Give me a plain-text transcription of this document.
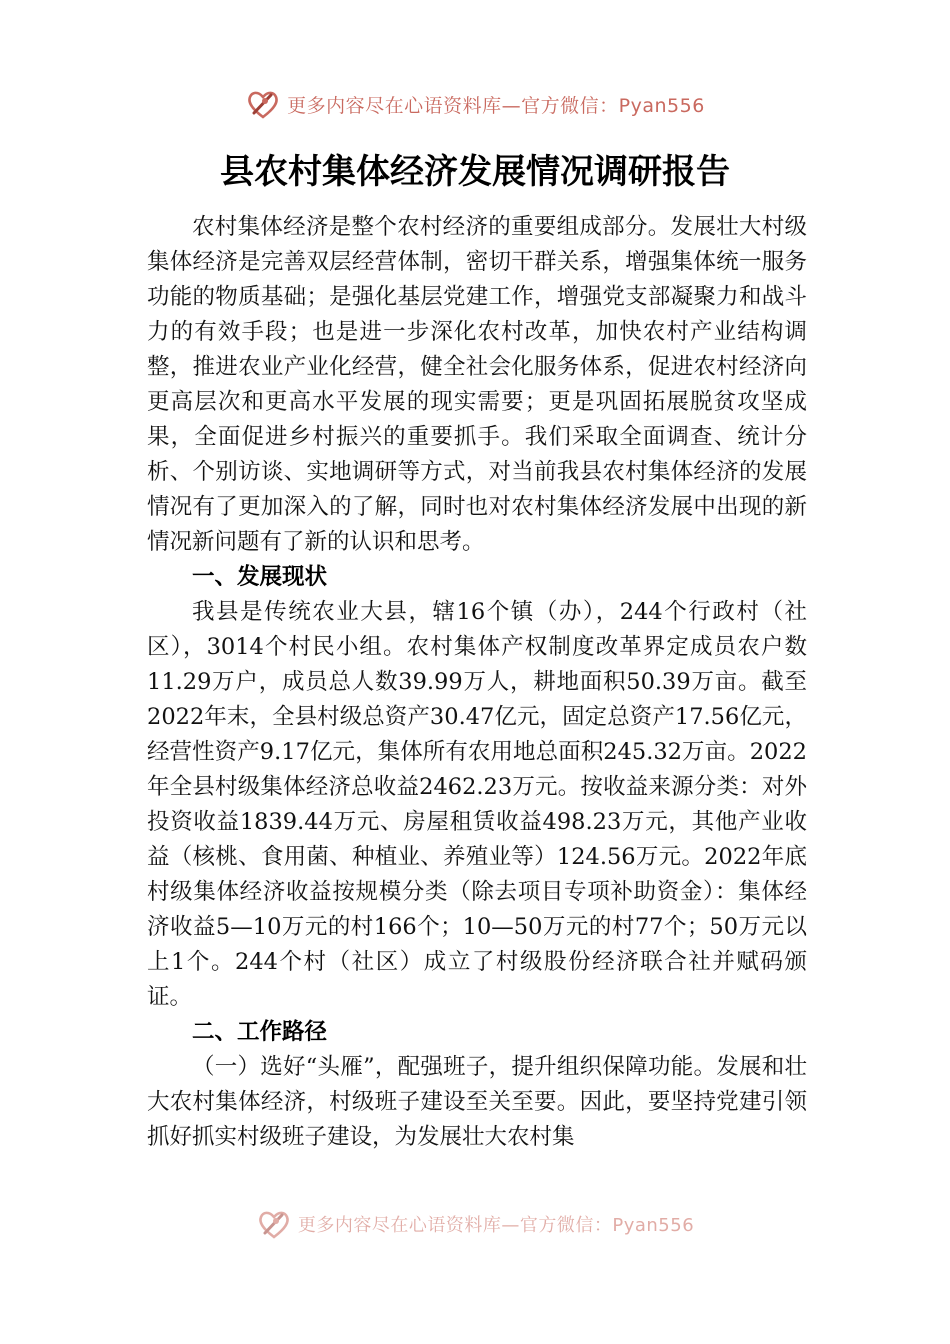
更多内容尽在心语资料库—官方微信：Pyan556
县农村集体经济发展情况调研报告

农村集体经济是整个农村经济的重要组成部分。发展壮大村级集体经济是完善双层经营体制，密切干群关系，增强集体统一服务功能的物质基础；是强化基层党建工作，增强党支部凝聚力和战斗力的有效手段；也是进一步深化农村改革，加快农村产业结构调整，推进农业产业化经营，健全社会化服务体系，促进农村经济向更高层次和更高水平发展的现实需要；更是巩固拓展脱贫攻坚成果，全面促进乡村振兴的重要抓手。我们采取全面调查、统计分析、个别访谈、实地调研等方式，对当前我县农村集体经济的发展情况有了更加深入的了解，同时也对农村集体经济发展中出现的新情况新问题有了新的认识和思考。

一、发展现状

我县是传统农业大县，辖16个镇（办），244个行政村（社区），3014个村民小组。农村集体产权制度改革界定成员农户数11.29万户，成员总人数39.99万人，耕地面积50.39万亩。截至2022年末，全县村级总资产30.47亿元，固定总资产17.56亿元，经营性资产9.17亿元，集体所有农用地总面积245.32万亩。2022年全县村级集体经济总收益2462.23万元。按收益来源分类：对外投资收益1839.44万元、房屋租赁收益498.23万元，其他产业收益（核桃、食用菌、种植业、养殖业等）124.56万元。2022年底村级集体经济收益按规模分类（除去项目专项补助资金）：集体经济收益5—10万元的村166个；10—50万元的村77个；50万元以上1个。244个村（社区）成立了村级股份经济联合社并赋码颁证。

二、工作路径

（一）选好“头雁”，配强班子，提升组织保障功能。发展和壮大农村集体经济，村级班子建设至关至要。因此，要坚持党建引领抓好抓实村级班子建设，为发展壮大农村集

更多内容尽在心语资料库—官方微信：Pyan556
